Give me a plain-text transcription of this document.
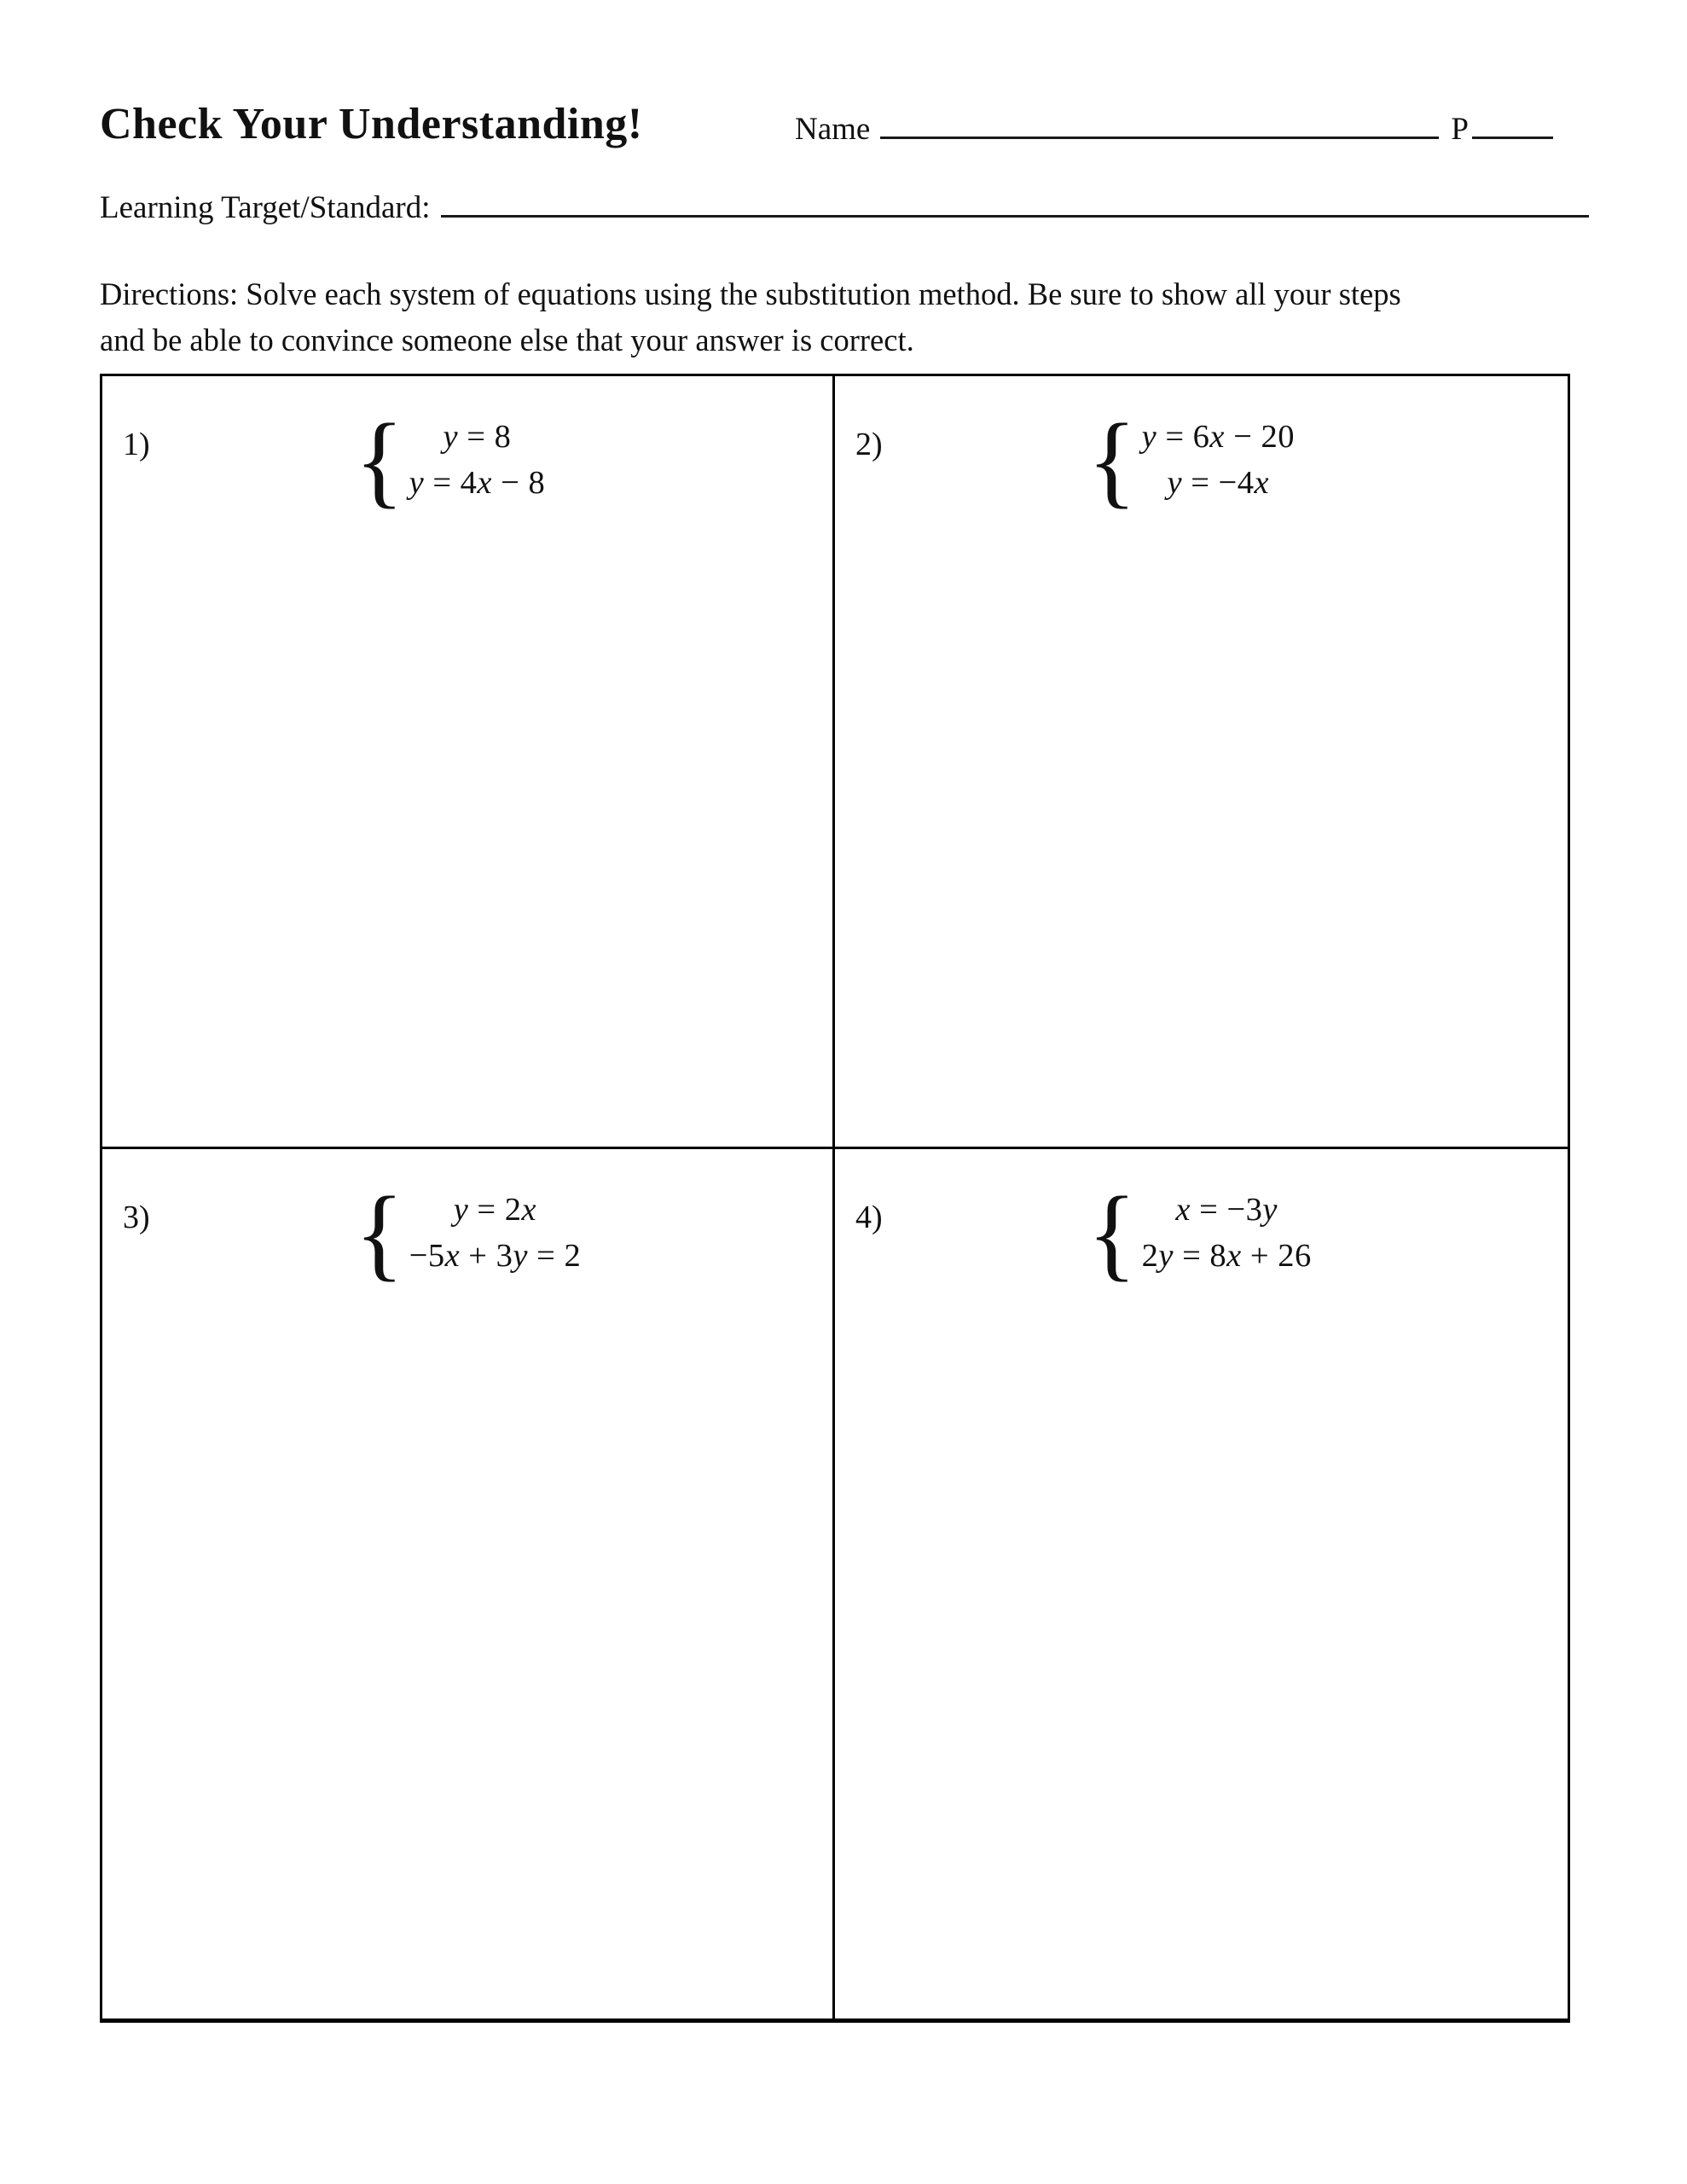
Check Your Understanding!	Name	P
Learning Target/Standard:
Directions: Solve each system of equations using the substitution method. Be sure to show all your steps
and be able to convince someone else that your answer is correct.
1) { y = 8
y = 4x − 8
2) { y = 6x − 20
y = −4x
3) { y = 2x
−5x + 3y = 2
4) { x = −3y
2y = 8x + 26
